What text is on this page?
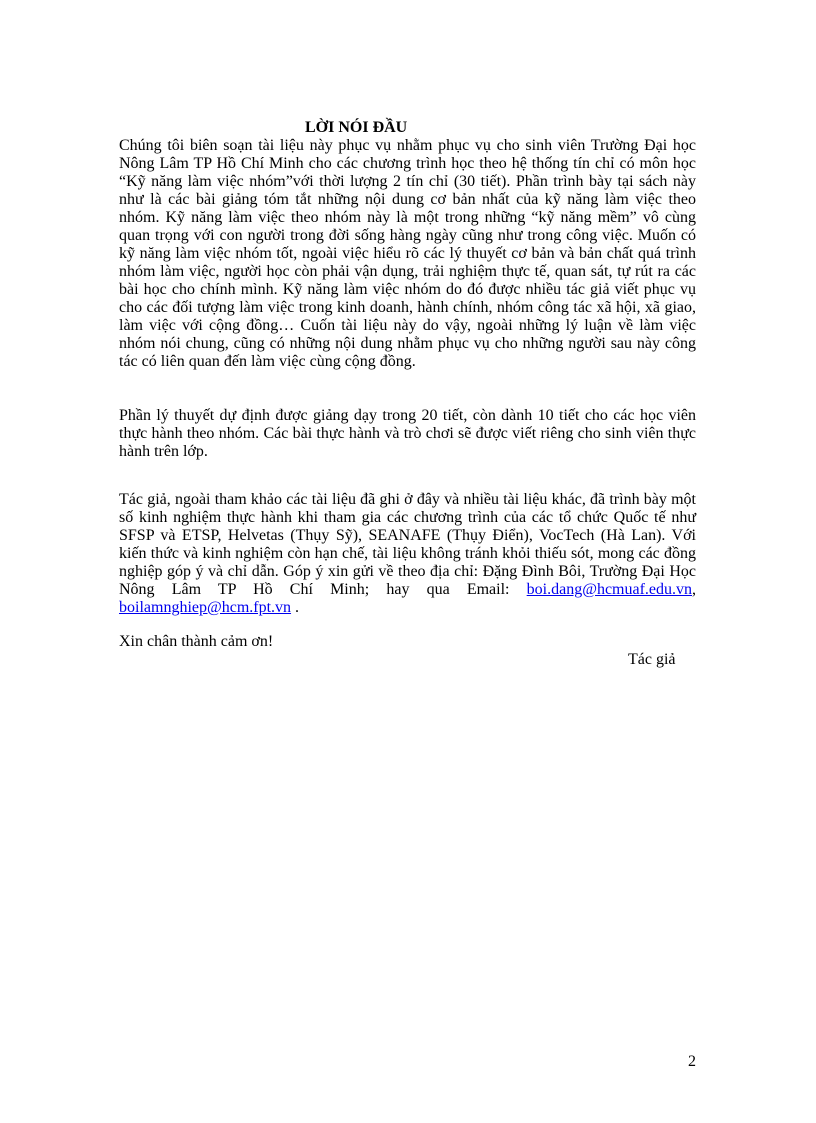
LỜI NÓI ĐẦU
Chúng tôi biên soạn tài liệu này phục vụ nhằm phục vụ cho sinh viên Trường Đại học
Nông Lâm TP Hồ Chí Minh cho các chương trình học theo hệ thống tín chỉ có môn học
“Kỹ năng làm việc nhóm”với thời lượng 2 tín chỉ (30 tiết). Phần trình bày tại sách này
như là các bài giảng tóm tắt những nội dung cơ bản nhất của kỹ năng làm việc theo
nhóm. Kỹ năng làm việc theo nhóm này là một trong những “kỹ năng mềm” vô cùng
quan trọng với con người trong đời sống hàng ngày cũng như trong công việc. Muốn có
kỹ năng làm việc nhóm tốt, ngoài việc hiểu rõ các lý thuyết cơ bản và bản chất quá trình
nhóm làm việc, người học còn phải vận dụng, trải nghiệm thực tế, quan sát, tự rút ra các
bài học cho chính mình. Kỹ năng làm việc nhóm do đó được nhiều tác giả viết phục vụ
cho các đối tượng làm việc trong kinh doanh, hành chính, nhóm công tác xã hội, xã giao,
làm việc với cộng đồng… Cuốn tài liệu này do vậy, ngoài những lý luận về làm việc
nhóm nói chung, cũng có những nội dung nhằm phục vụ cho những người sau này công
tác có liên quan đến làm việc cùng cộng đồng.
Phần lý thuyết dự định được giảng dạy trong 20 tiết, còn dành 10 tiết cho các học viên
thực hành theo nhóm. Các bài thực hành và trò chơi sẽ được viết riêng cho sinh viên thực
hành trên lớp.
Tác giả, ngoài tham khảo các tài liệu đã ghi ở đây và nhiều tài liệu khác, đã trình bày một
số kinh nghiệm thực hành khi tham gia các chương trình của các tổ chức Quốc tế như
SFSP và ETSP, Helvetas (Thụy Sỹ), SEANAFE (Thụy Điển), VocTech (Hà Lan). Với
kiến thức và kinh nghiệm còn hạn chế, tài liệu không tránh khỏi thiếu sót, mong các đồng
nghiệp góp ý và chỉ dẫn. Góp ý xin gửi về theo địa chỉ: Đặng Đình Bôi, Trường Đại Học
Nông Lâm TP Hồ Chí Minh; hay qua Email: boi.dang@hcmuaf.edu.vn,
boilamnghiep@hcm.fpt.vn .
Xin chân thành cảm ơn!
Tác giả
2
